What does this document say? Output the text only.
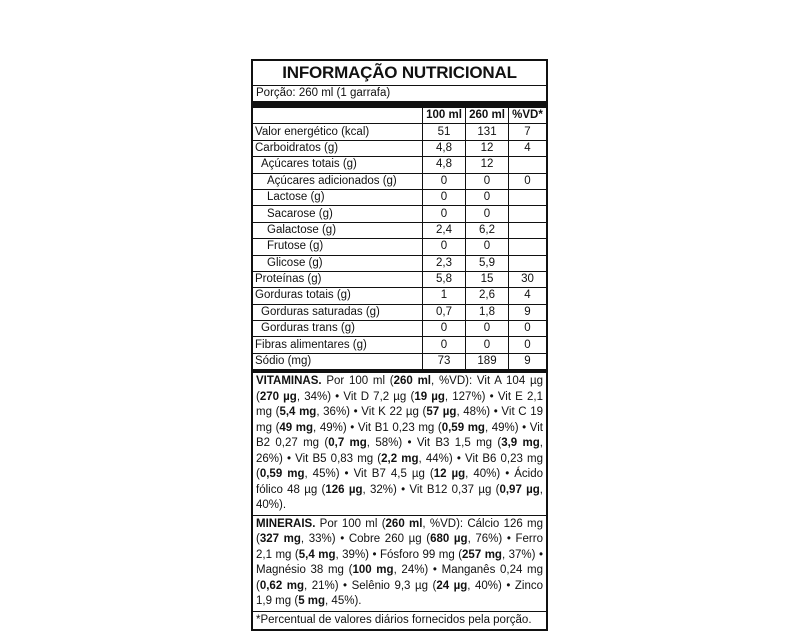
INFORMAÇÃO NUTRICIONAL
Porção: 260 ml (1 garrafa)
	100 ml	260 ml	%VD*
Valor energético (kcal)	51	131	7
Carboidratos (g)	4,8	12	4
Açúcares totais (g)	4,8	12	
Açúcares adicionados (g)	0	0	0
Lactose (g)	0	0	
Sacarose (g)	0	0	
Galactose (g)	2,4	6,2	
Frutose (g)	0	0	
Glicose (g)	2,3	5,9	
Proteínas (g)	5,8	15	30
Gorduras totais (g)	1	2,6	4
Gorduras saturadas (g)	0,7	1,8	9
Gorduras trans (g)	0	0	0
Fibras alimentares (g)	0	0	0
Sódio (mg)	73	189	9
VITAMINAS. Por 100 ml (260 ml, %VD): Vit A 104 µg (270 µg, 34%) • Vit D 7,2 µg (19 µg, 127%) • Vit E 2,1 mg (5,4 mg, 36%) • Vit K 22 µg (57 µg, 48%) • Vit C 19 mg (49 mg, 49%) • Vit B1 0,23 mg (0,59 mg, 49%) • Vit B2 0,27 mg (0,7 mg, 58%) • Vit B3 1,5 mg (3,9 mg, 26%) • Vit B5 0,83 mg (2,2 mg, 44%) • Vit B6 0,23 mg (0,59 mg, 45%) • Vit B7 4,5 µg (12 µg, 40%) • Ácido fólico 48 µg (126 µg, 32%) • Vit B12 0,37 µg (0,97 µg, 40%).
MINERAIS. Por 100 ml (260 ml, %VD): Cálcio 126 mg (327 mg, 33%) • Cobre 260 µg (680 µg, 76%) • Ferro 2,1 mg (5,4 mg, 39%) • Fósforo 99 mg (257 mg, 37%) • Magnésio 38 mg (100 mg, 24%) • Manganês 0,24 mg (0,62 mg, 21%) • Selênio 9,3 µg (24 µg, 40%) • Zinco 1,9 mg (5 mg, 45%).
*Percentual de valores diários fornecidos pela porção.
